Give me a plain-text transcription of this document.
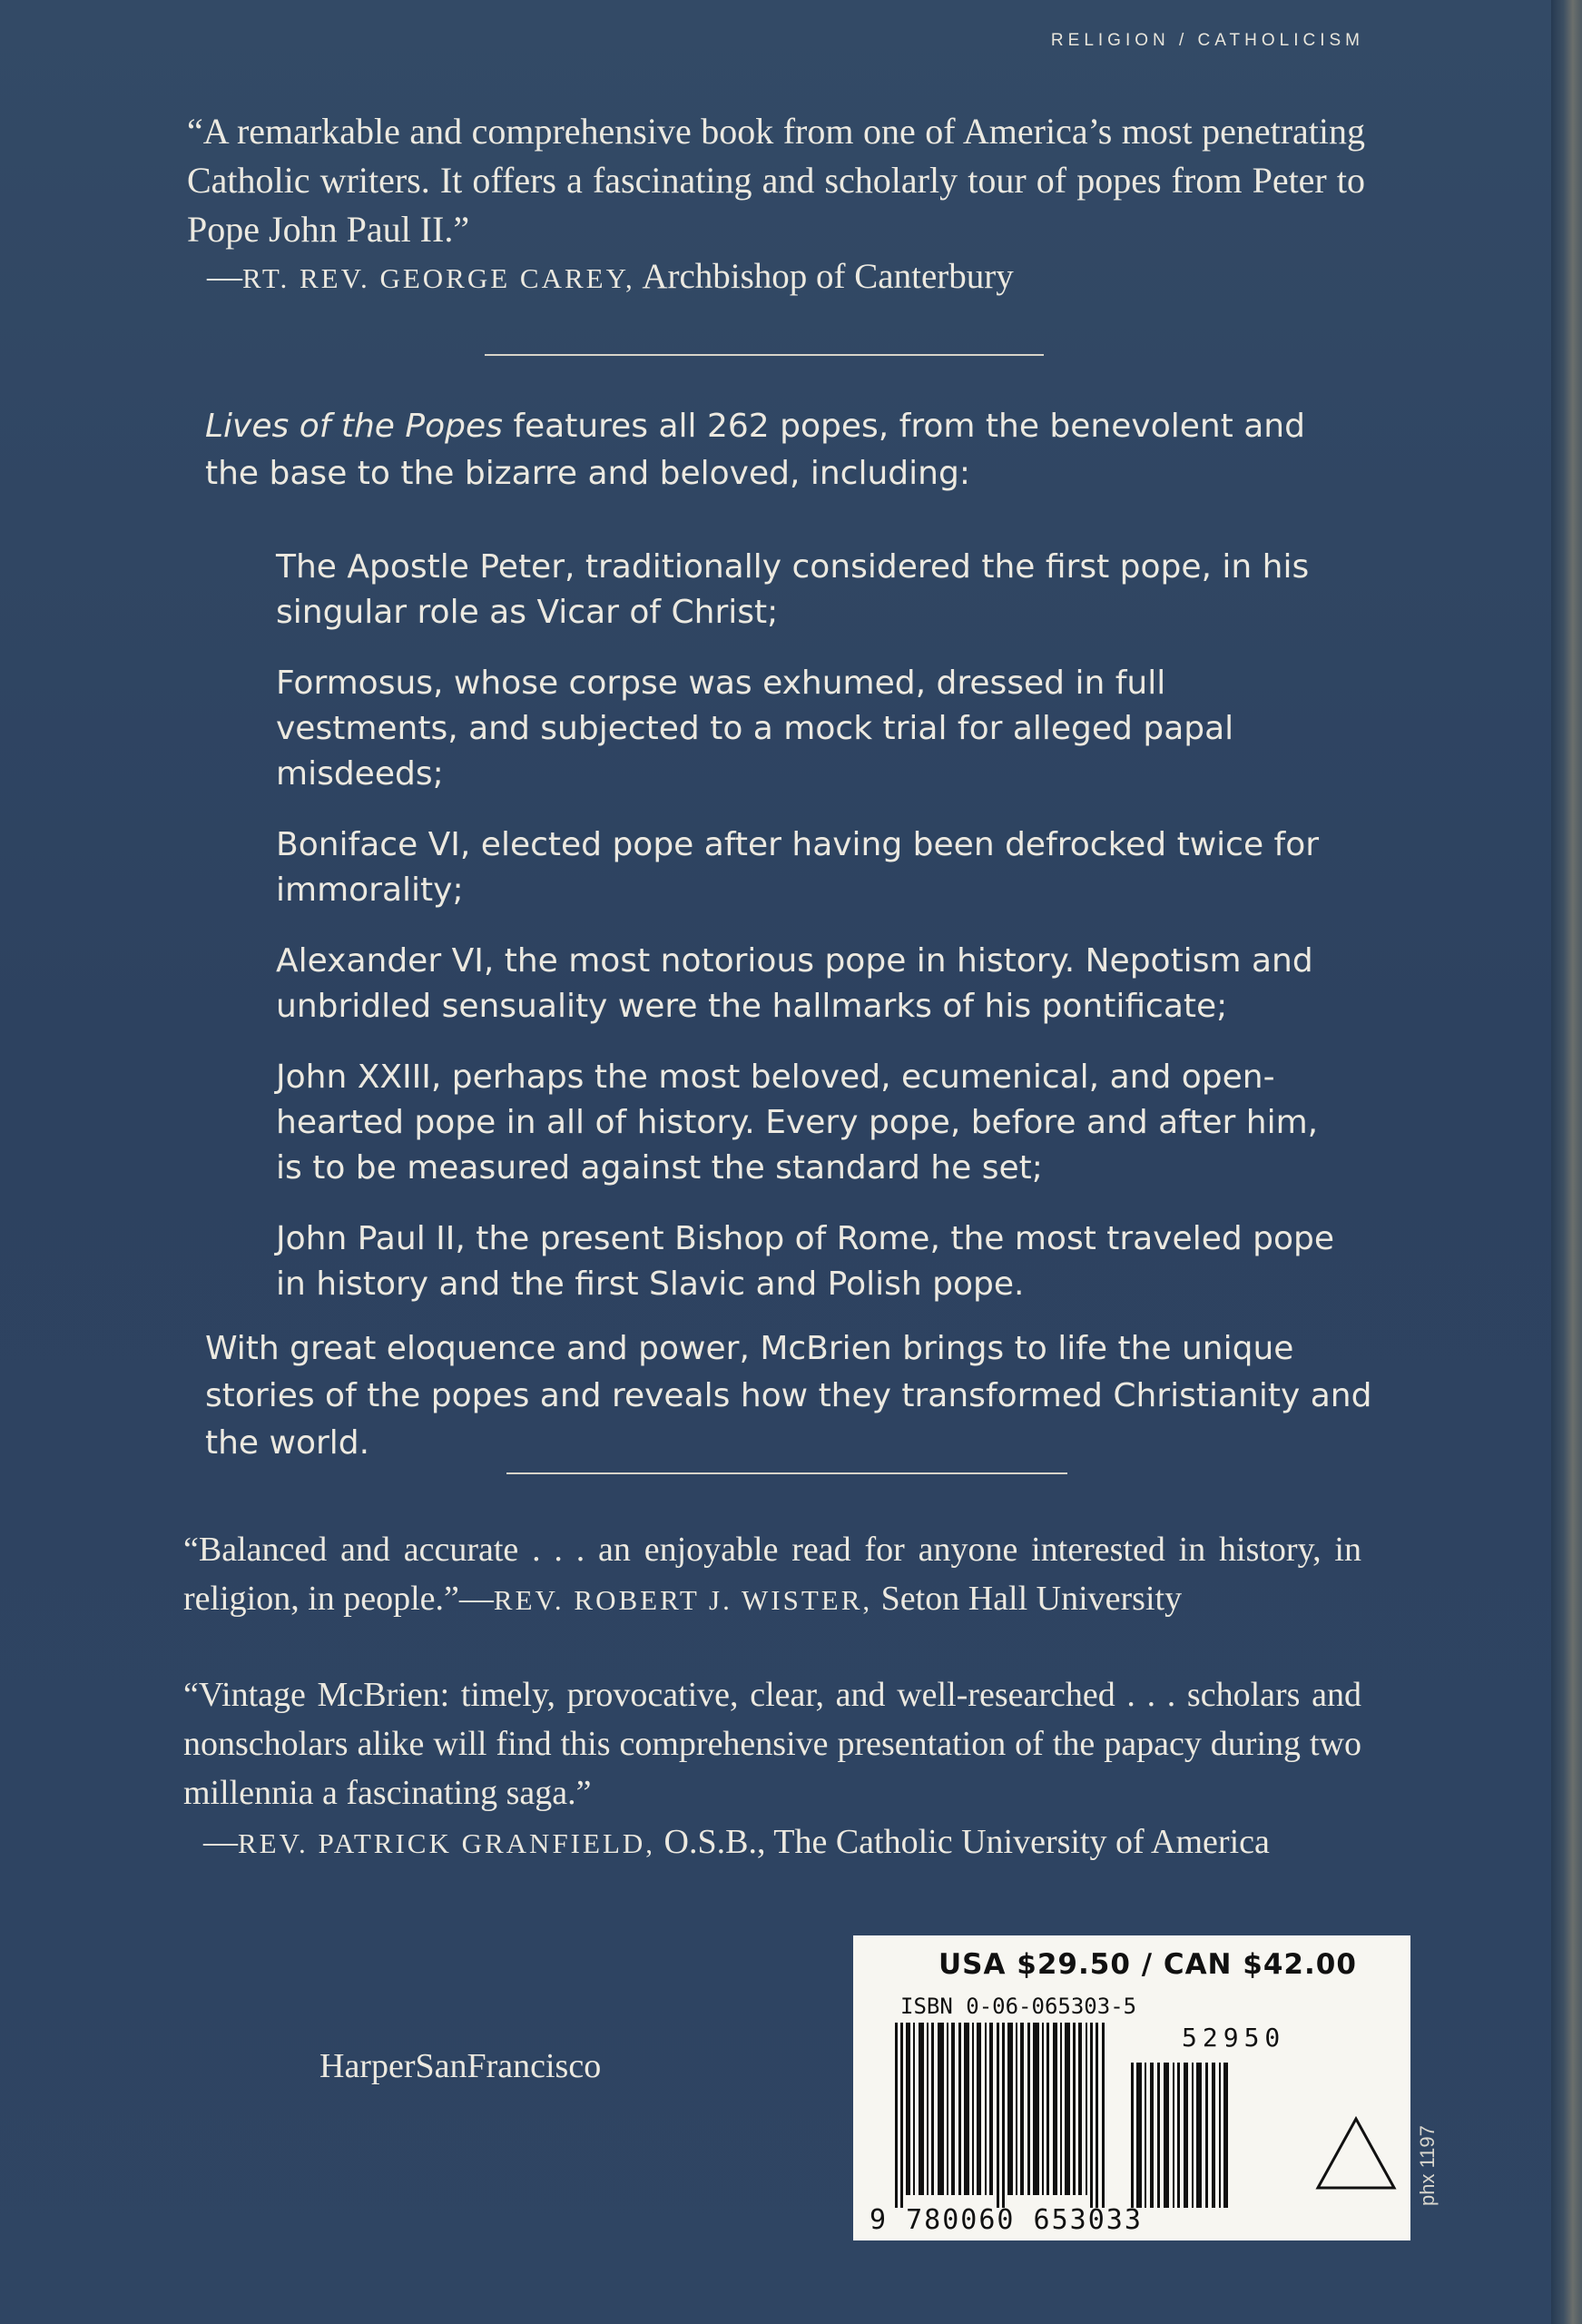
RELIGION / CATHOLICISM
“A remarkable and comprehensive book from one of America’s most penetrating Catholic writers. It offers a fascinating and scholarly tour of popes from Peter to Pope John Paul II.”
—RT. REV. GEORGE CAREY, Archbishop of Canterbury
Lives of the Popes features all 262 popes, from the benevolent and the base to the bizarre and beloved, including:
The Apostle Peter, traditionally considered the first pope, in his singular role as Vicar of Christ;
Formosus, whose corpse was exhumed, dressed in full vestments, and subjected to a mock trial for alleged papal misdeeds;
Boniface VI, elected pope after having been defrocked twice for immorality;
Alexander VI, the most notorious pope in history. Nepotism and unbridled sensuality were the hallmarks of his pontificate;
John XXIII, perhaps the most beloved, ecumenical, and open-hearted pope in all of history. Every pope, before and after him, is to be measured against the standard he set;
John Paul II, the present Bishop of Rome, the most traveled pope in history and the first Slavic and Polish pope.
With great eloquence and power, McBrien brings to life the unique stories of the popes and reveals how they transformed Christianity and the world.
“Balanced and accurate . . . an enjoyable read for anyone interested in history, in religion, in people.”—REV. ROBERT J. WISTER, Seton Hall University
“Vintage McBrien: timely, provocative, clear, and well-researched . . . scholars and nonscholars alike will find this comprehensive presentation of the papacy during two millennia a fascinating saga.”
—REV. PATRICK GRANFIELD, O.S.B., The Catholic University of America
HarperSanFrancisco
USA $29.50 / CAN $42.00
ISBN 0-06-065303-5
52950
9 780060 653033
phx 1197
